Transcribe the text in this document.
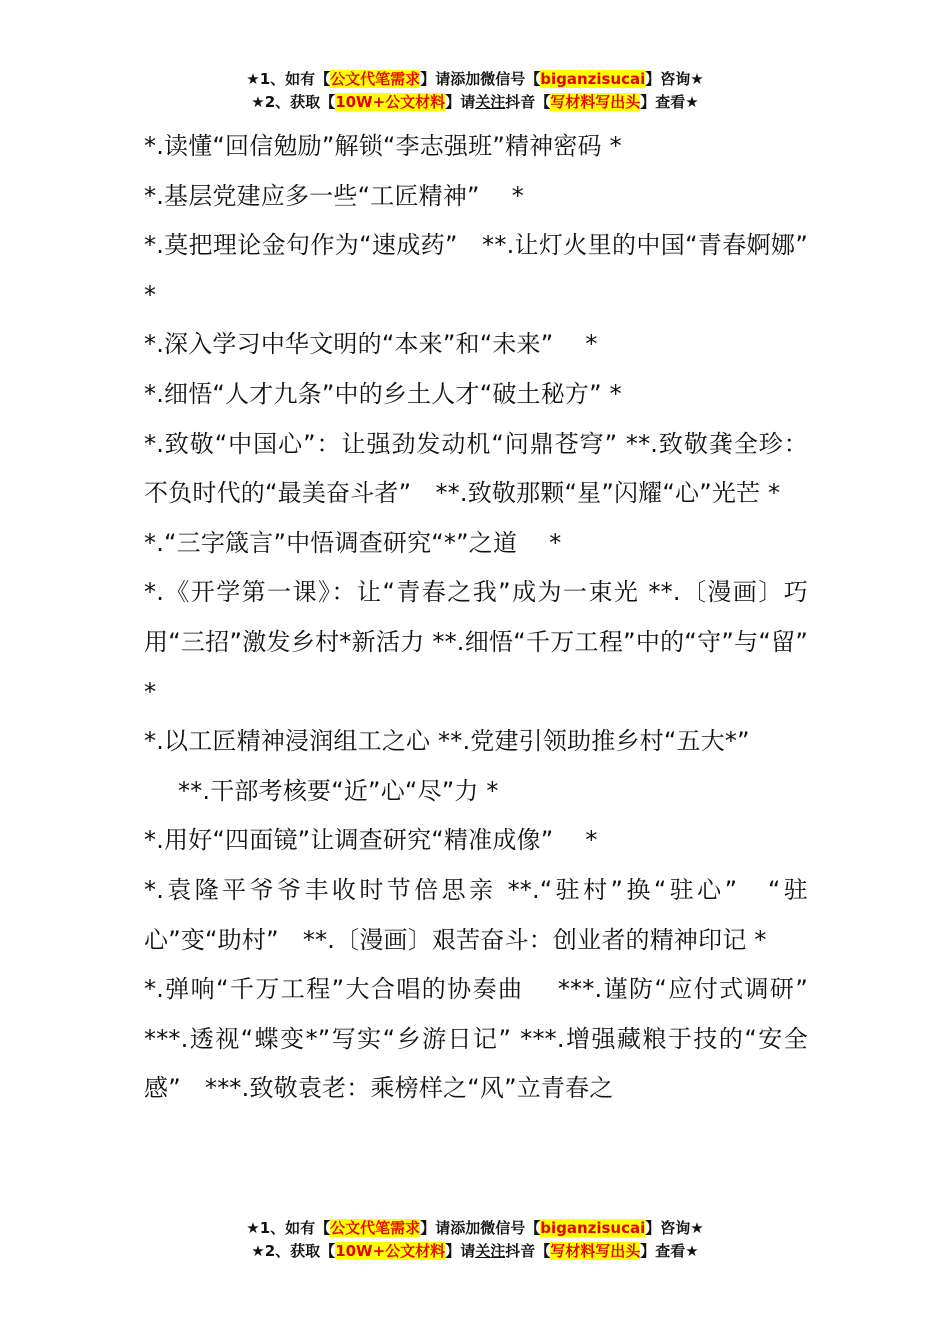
★1、如有【公文代笔需求】请添加微信号【biganzisucai】咨询★
★2、获取【10W+公文材料】请关注抖音【写材料写出头】查看★

*.读懂“回信勉励”解锁“李志强班”精神密码 *

*.基层党建应多一些“工匠精神”　 *

*.莫把理论金句作为“速成药”　**.让灯火里的中国“青春婀娜”　 *

*.深入学习中华文明的“本来”和“未来”　 *

*.细悟“人才九条”中的乡土人才“破土秘方” *

*.致敬“中国心”：让强劲发动机“问鼎苍穹” **.致敬龚全珍：不负时代的“最美奋斗者”　**.致敬那颗“星”闪耀“心”光芒 *

*.“三字箴言”中悟调查研究“*”之道　 *

*.《开学第一课》：让“青春之我”成为一束光 **.〔漫画〕巧用“三招”激发乡村*新活力 **.细悟“千万工程”中的“守”与“留” *

*.以工匠精神浸润组工之心 **.党建引领助推乡村“五大*”

**.干部考核要“近”心“尽”力 *

*.用好“四面镜”让调查研究“精准成像”　 *

*.袁隆平爷爷丰收时节倍思亲 **.“驻村”换“驻心”　“驻心”变“助村”　**.〔漫画〕艰苦奋斗：创业者的精神印记 *

*.弹响“千万工程”大合唱的协奏曲　 ***.谨防“应付式调研”　***.透视“蝶变*”写实“乡游日记” ***.增强藏粮于技的“安全感”　***.致敬袁老：乘榜样之“风”立青春之

★1、如有【公文代笔需求】请添加微信号【biganzisucai】咨询★
★2、获取【10W+公文材料】请关注抖音【写材料写出头】查看★
